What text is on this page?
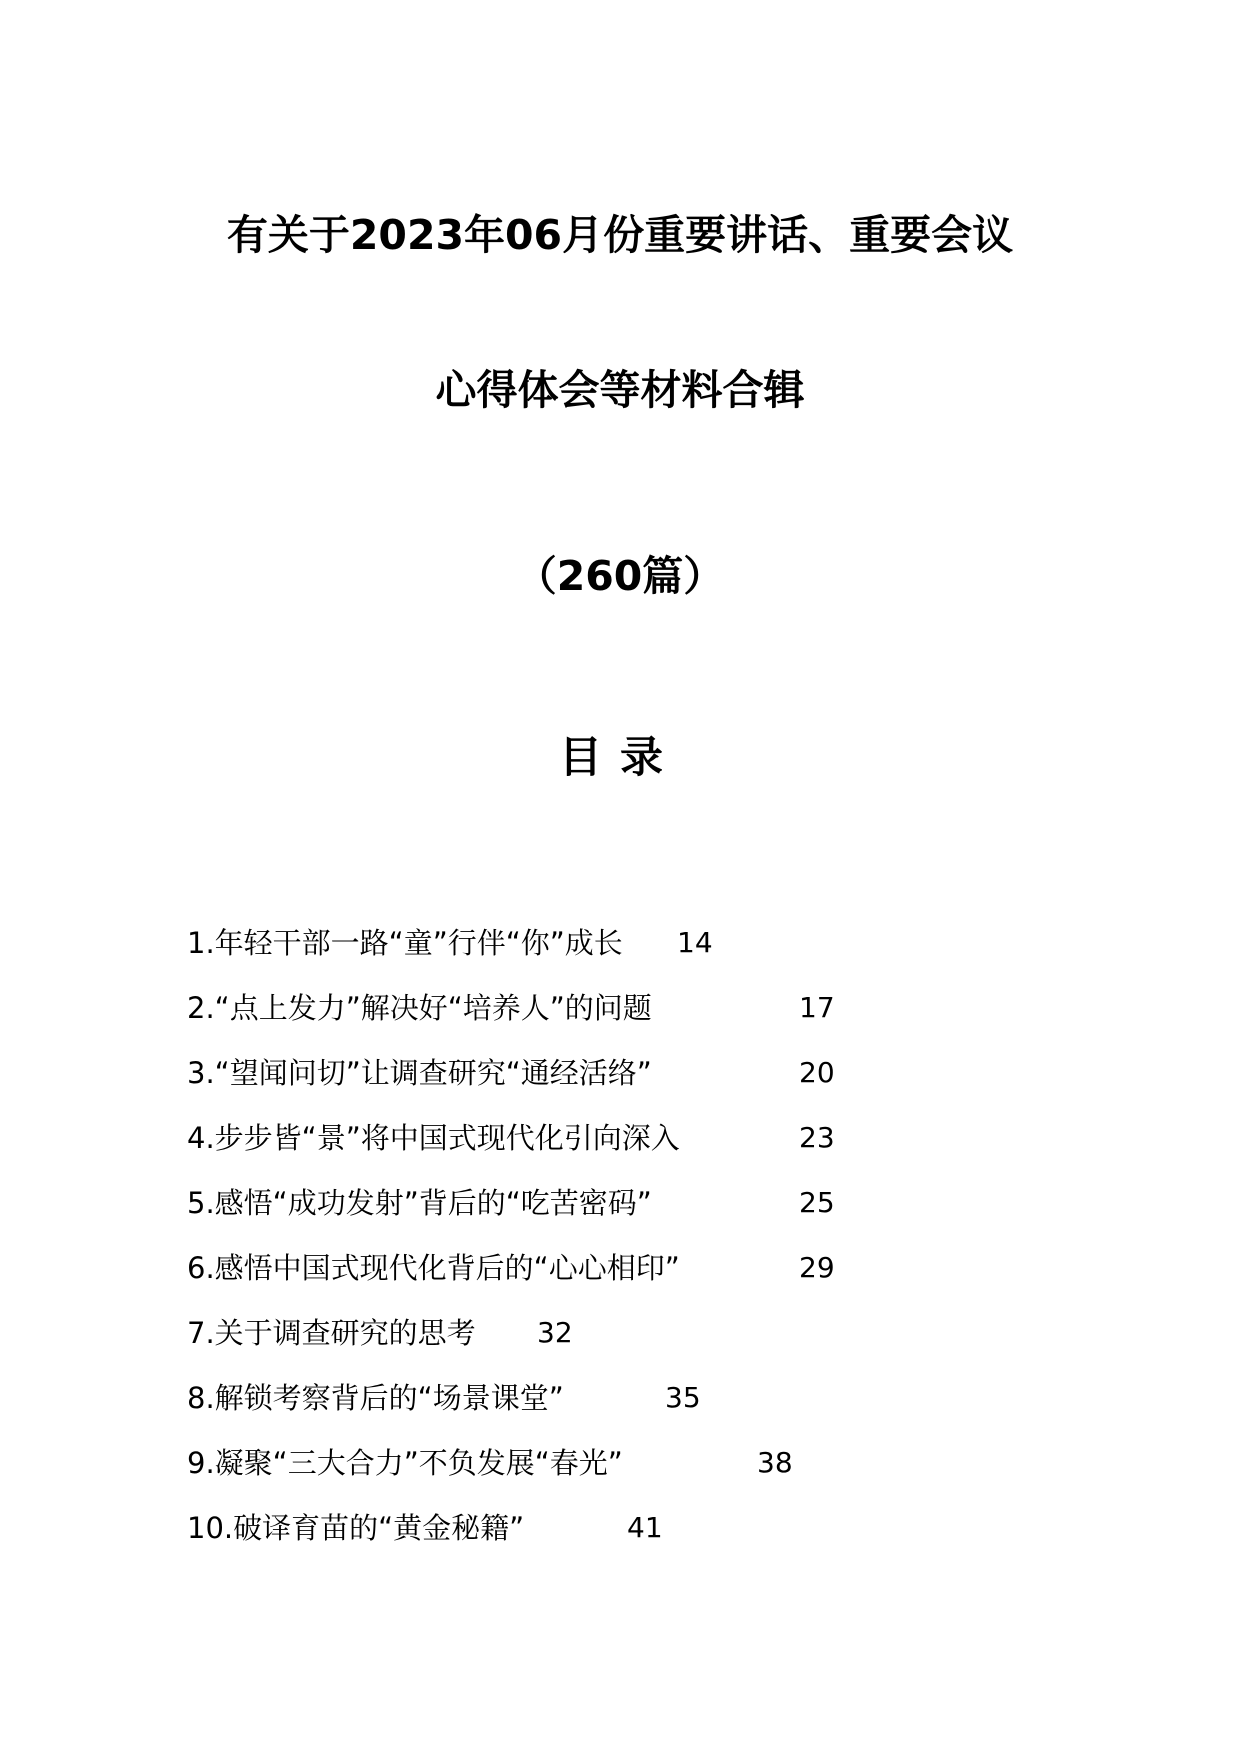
有关于2023年06月份重要讲话、重要会议
心得体会等材料合辑
（260篇）
目录
1.年轻干部一路“童”行伴“你”成长 14
2.“点上发力”解决好“培养人”的问题	17
3.“望闻问切”让调查研究“通经活络”	20
4.步步皆“景”将中国式现代化引向深入	23
5.感悟“成功发射”背后的“吃苦密码”	25
6.感悟中国式现代化背后的“心心相印”	29
7.关于调查研究的思考 32
8.解锁考察背后的“场景课堂”	35
9.凝聚“三大合力”不负发展“春光”	38
10.破译育苗的“黄金秘籍”	41
